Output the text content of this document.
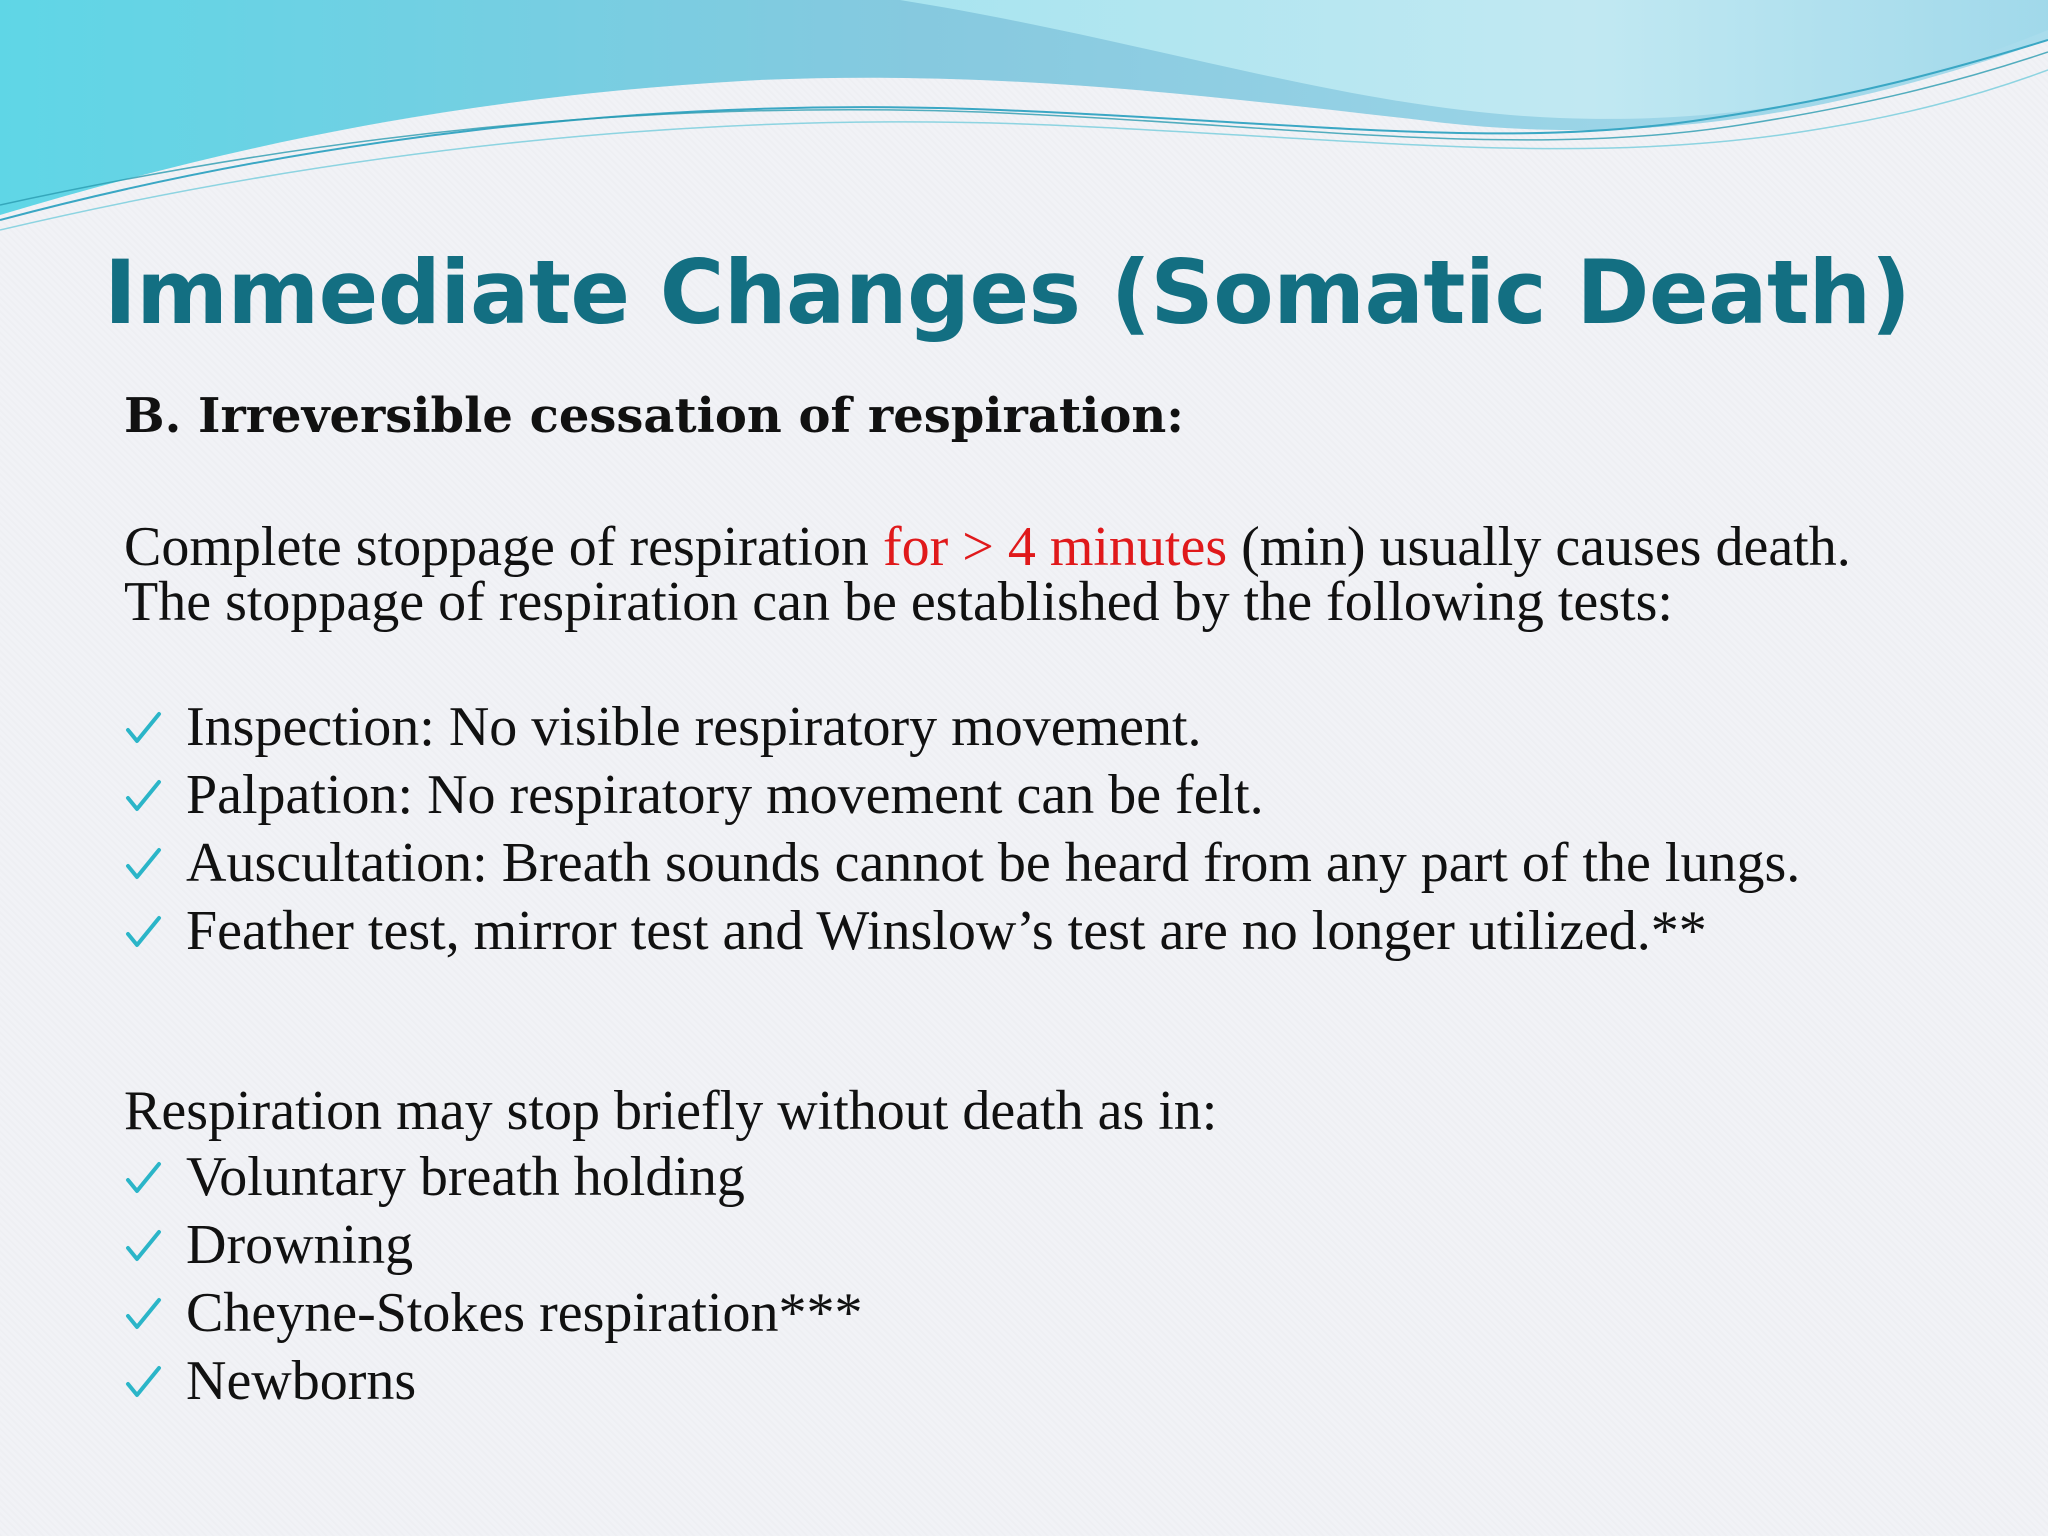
Immediate Changes (Somatic Death)

B. Irreversible cessation of respiration:

Complete stoppage of respiration for > 4 minutes (min) usually causes death. The stoppage of respiration can be established by the following tests:

Inspection: No visible respiratory movement.
Palpation: No respiratory movement can be felt.
Auscultation: Breath sounds cannot be heard from any part of the lungs.
Feather test, mirror test and Winslow’s test are no longer utilized.**

Respiration may stop briefly without death as in:

Voluntary breath holding
Drowning
Cheyne-Stokes respiration***
Newborns
